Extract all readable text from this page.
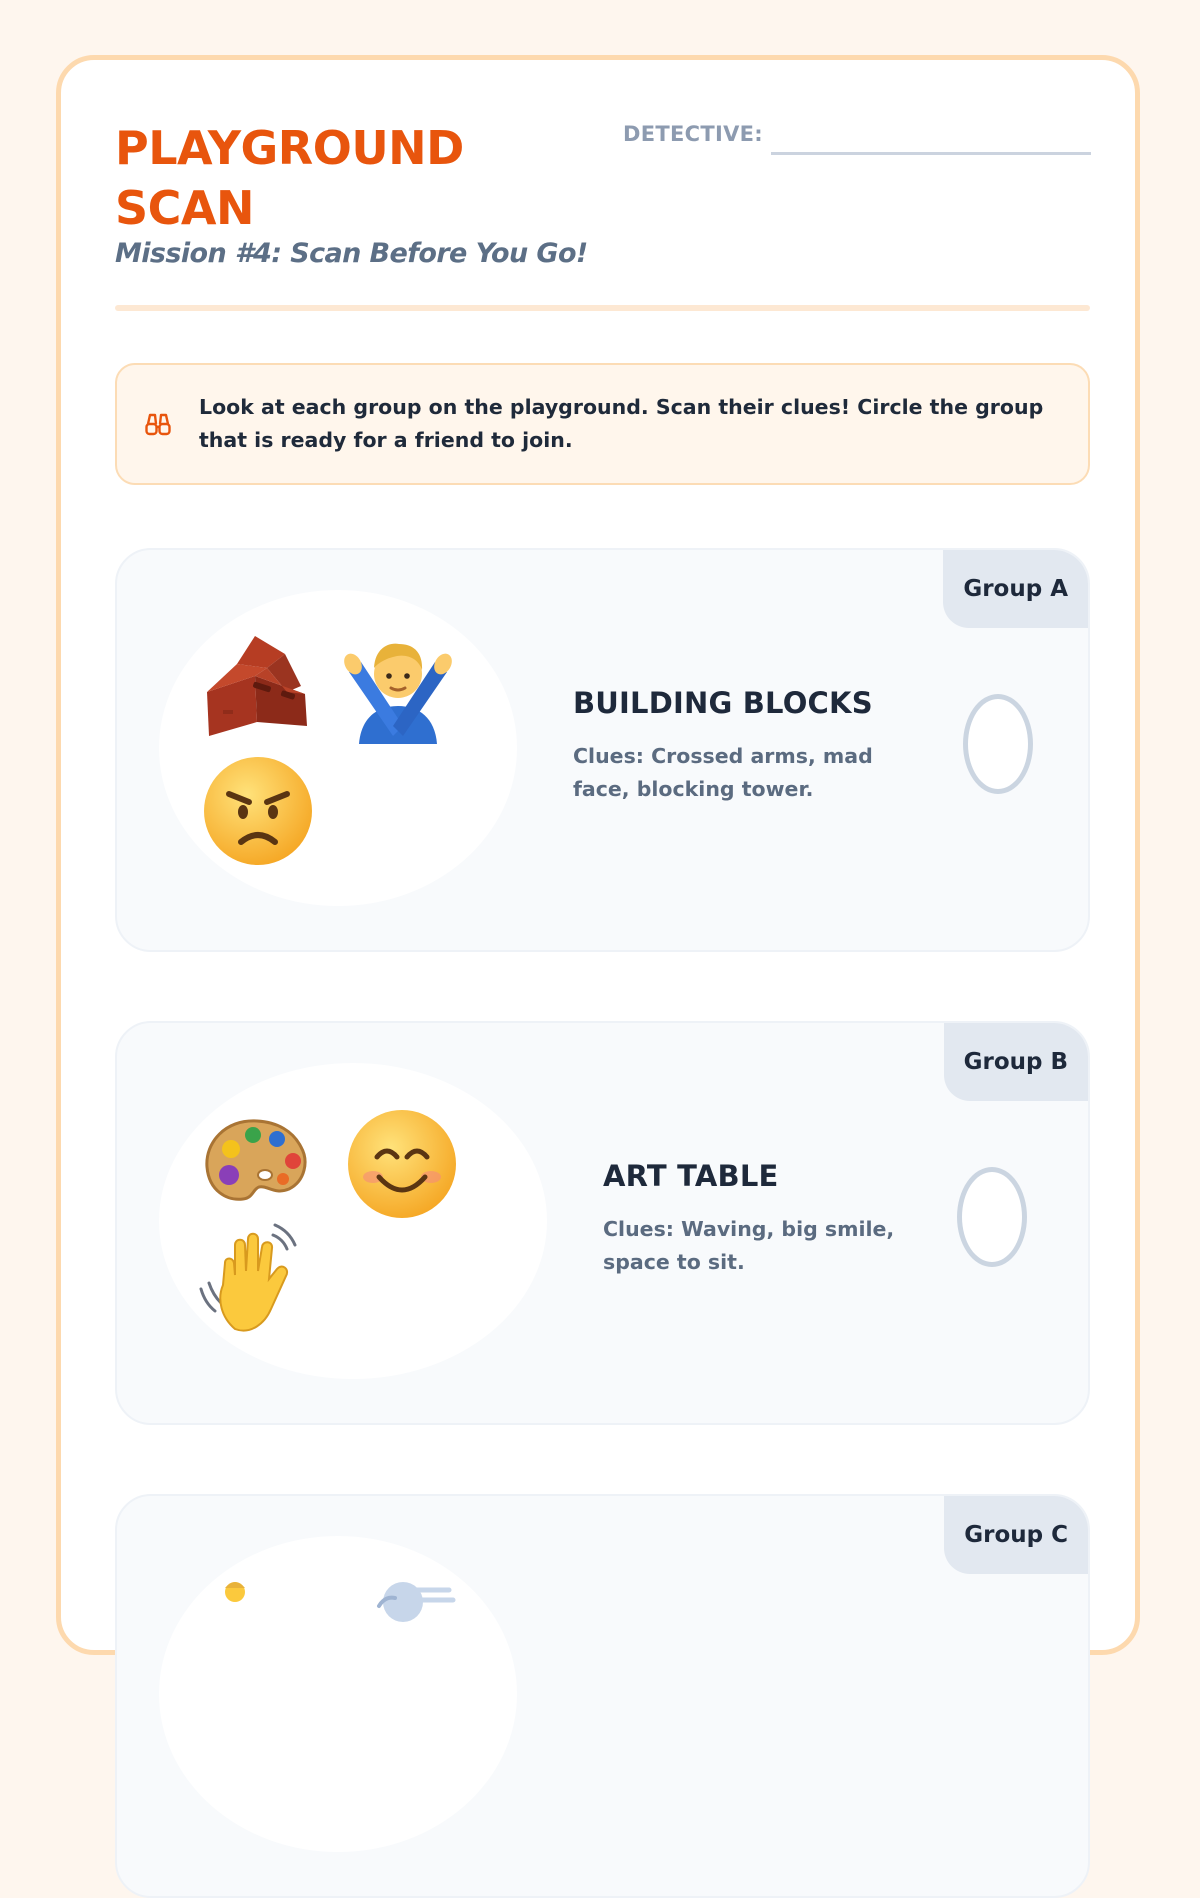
PLAYGROUND SCAN

Mission #4: Scan Before You Go!

DETECTIVE:
Look at each group on the playground. Scan their clues! Circle the group that is ready for a friend to join.
Group A
BUILDING BLOCKS

Clues: Crossed arms, mad face, blocking tower.

Group B
ART TABLE

Clues: Waving, big smile, space to sit.

Group C
